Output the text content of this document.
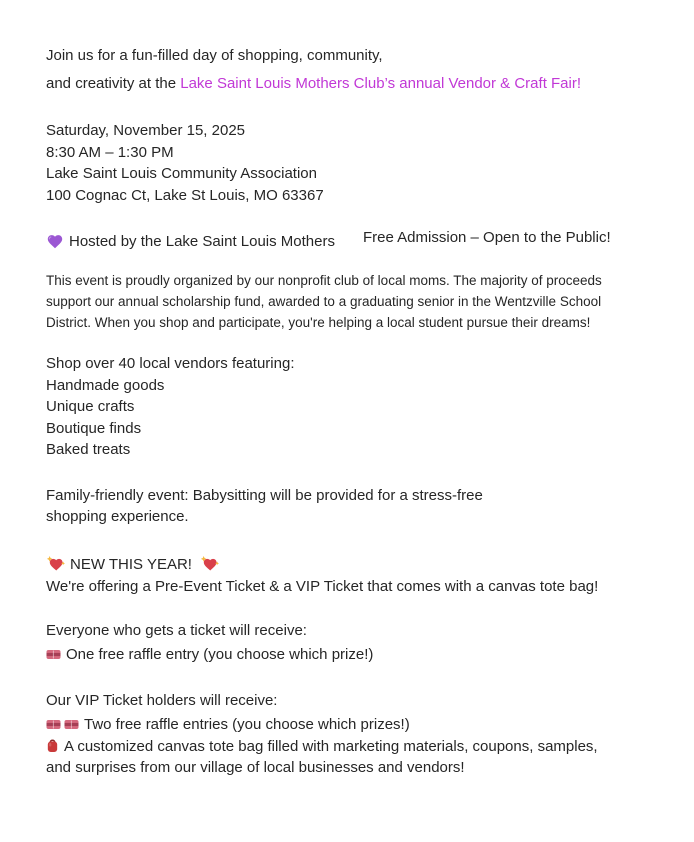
Join us for a fun-filled day of shopping, community,
and creativity at the Lake Saint Louis Mothers Club’s annual Vendor & Craft Fair!

Saturday, November 15, 2025
8:30 AM – 1:30 PM
Lake Saint Louis Community Association
100 Cognac Ct, Lake St Louis, MO 63367
Hosted by the Lake Saint Louis Mothers Free Admission – Open to the Public!
This event is proudly organized by our nonprofit club of local moms. The majority of proceeds
support our annual scholarship fund, awarded to a graduating senior in the Wentzville School
District. When you shop and participate, you're helping a local student pursue their dreams!
Shop over 40 local vendors featuring:
Handmade goods
Unique crafts
Boutique finds
Baked treats
Family-friendly event: Babysitting will be provided for a stress-free
shopping experience.
NEW THIS YEAR!
We're offering a Pre-Event Ticket & a VIP Ticket that comes with a canvas tote bag!
Everyone who gets a ticket will receive:
One free raffle entry (you choose which prize!)
Our VIP Ticket holders will receive:
Two free raffle entries (you choose which prizes!)
A customized canvas tote bag filled with marketing materials, coupons, samples,
and surprises from our village of local businesses and vendors!
